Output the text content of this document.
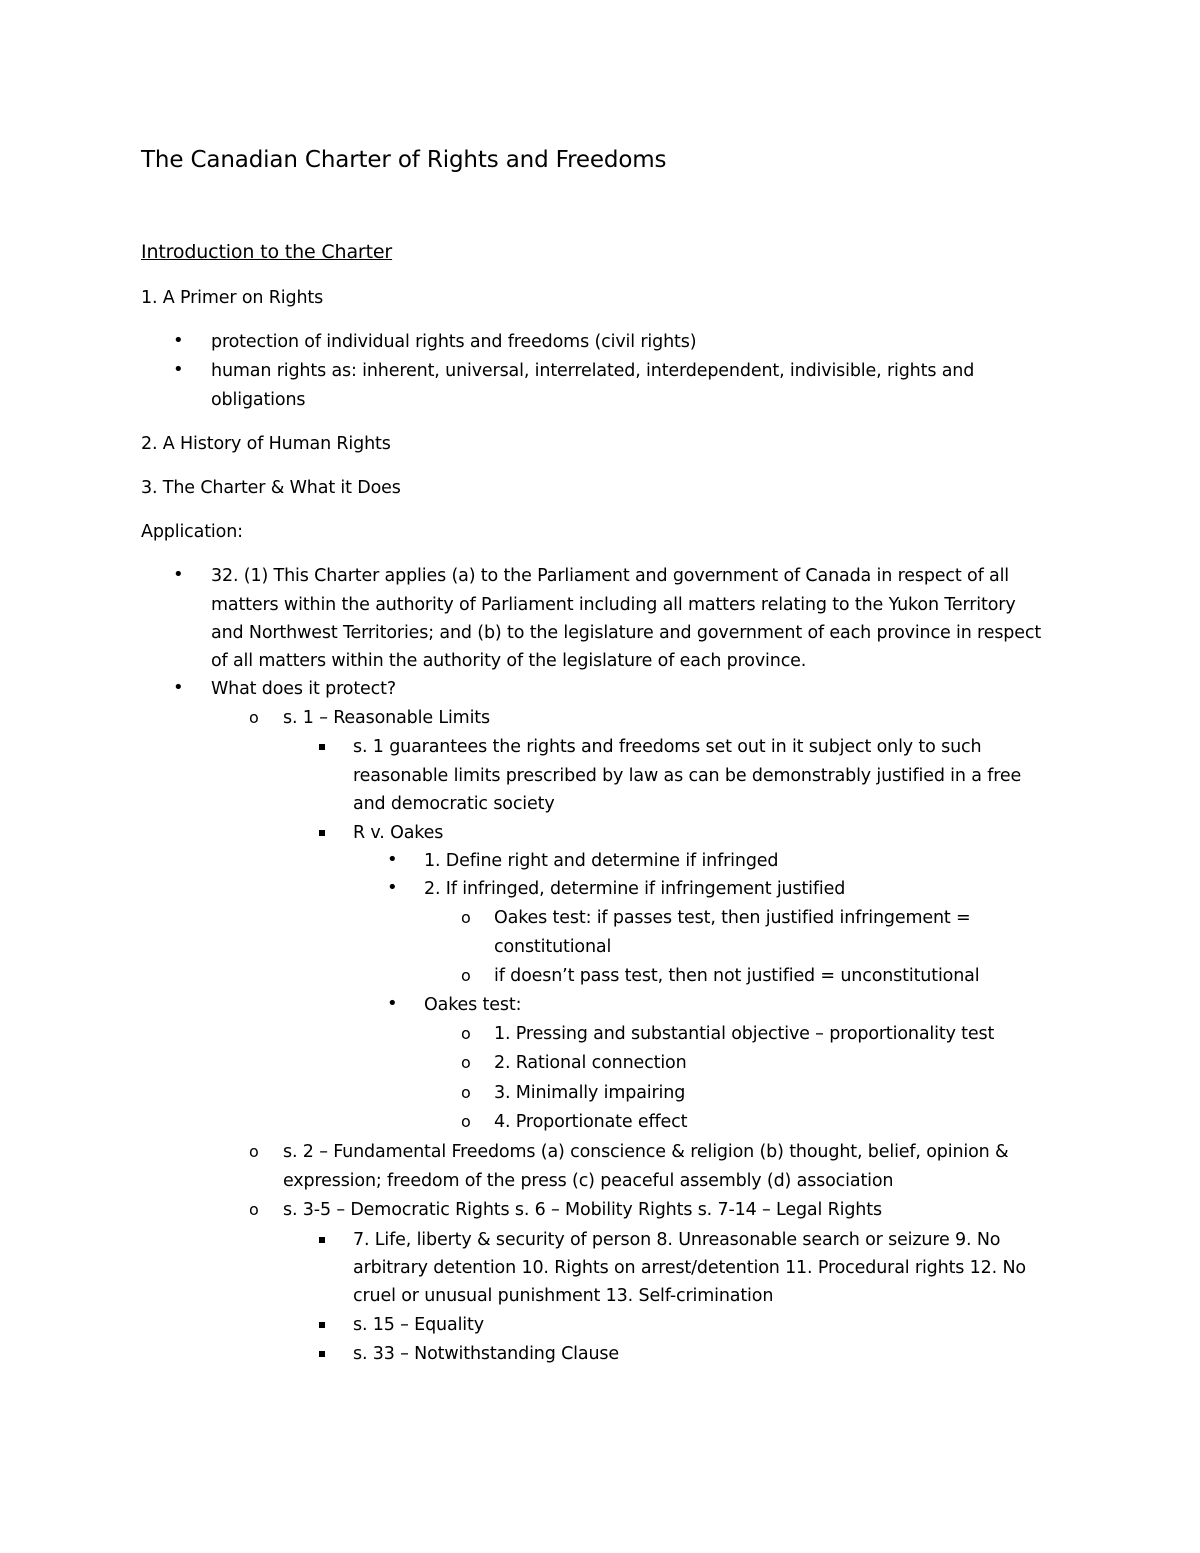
The Canadian Charter of Rights and Freedoms
Introduction to the Charter
1. A Primer on Rights
• protection of individual rights and freedoms (civil rights)
• human rights as: inherent, universal, interrelated, interdependent, indivisible, rights and
obligations
2. A History of Human Rights
3. The Charter & What it Does
Application:
• 32. (1) This Charter applies (a) to the Parliament and government of Canada in respect of all
matters within the authority of Parliament including all matters relating to the Yukon Territory
and Northwest Territories; and (b) to the legislature and government of each province in respect
of all matters within the authority of the legislature of each province.
• What does it protect?
o s. 1 – Reasonable Limits
s. 1 guarantees the rights and freedoms set out in it subject only to such
reasonable limits prescribed by law as can be demonstrably justified in a free
and democratic society
R v. Oakes
• 1. Define right and determine if infringed
• 2. If infringed, determine if infringement justified
o Oakes test: if passes test, then justified infringement =
constitutional
o if doesn’t pass test, then not justified = unconstitutional
• Oakes test:
o 1. Pressing and substantial objective – proportionality test
o 2. Rational connection
o 3. Minimally impairing
o 4. Proportionate effect
o s. 2 – Fundamental Freedoms (a) conscience & religion (b) thought, belief, opinion &
expression; freedom of the press (c) peaceful assembly (d) association
o s. 3-5 – Democratic Rights s. 6 – Mobility Rights s. 7-14 – Legal Rights
7. Life, liberty & security of person 8. Unreasonable search or seizure 9. No
arbitrary detention 10. Rights on arrest/detention 11. Procedural rights 12. No
cruel or unusual punishment 13. Self-crimination
s. 15 – Equality
s. 33 – Notwithstanding Clause
